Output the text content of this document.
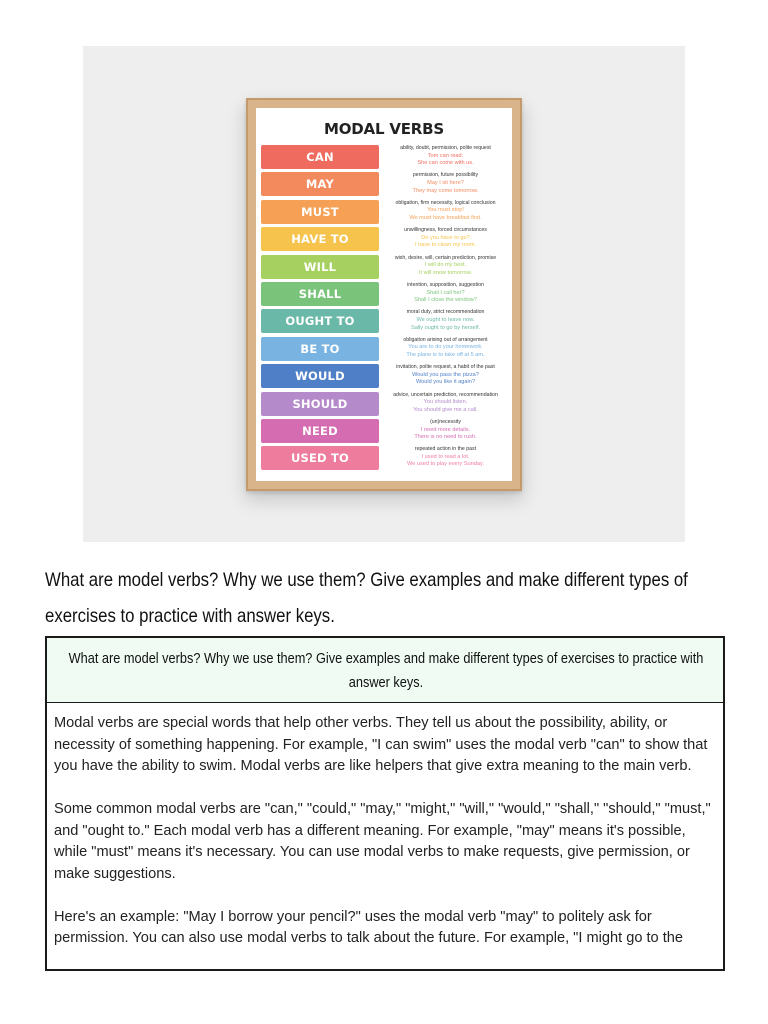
MODAL VERBS
CAN
ability, doubt, permission, polite request
Tom can read.
She can come with us.
MAY
permission, future possibility
May I sit here?
They may come tomorrow.
MUST
obligation, firm necessity, logical conclusion
You must stop!
We must have breakfast first.
HAVE TO
unwillingness, forced circumstances
Do you have to go?
I have to clean my room.
WILL
wish, desire, will, certain prediction, promise
I will do my best.
It will snow tomorrow.
SHALL
intention, supposition, suggestion
Shall I call her?
Shall I close the window?
OUGHT TO
moral duty, strict recommendation
We ought to leave now.
Sally ought to go by herself.
BE TO
obligation arising out of arrangement
You are to do your homework.
The plane is to take off at 5 am.
WOULD
invitation, polite request, a habit of the past
Would you pass the pizza?
Would you like it again?
SHOULD
advice, uncertain prediction, recommendation
You should listen.
You should give me a call.
NEED
(un)necessity
I need more details.
There is no need to rush.
USED TO
repeated action in the past
I used to read a lot.
We used to play every Sunday.
What are model verbs? Why we use them? Give examples and make different types of exercises to practice with answer keys.
What are model verbs? Why we use them? Give examples and make different types of exercises to practice with answer keys.

Modal verbs are special words that help other verbs. They tell us about the possibility, ability, or necessity of something happening. For example, "I can swim" uses the modal verb "can" to show that you have the ability to swim. Modal verbs are like helpers that give extra meaning to the main verb.

Some common modal verbs are "can," "could," "may," "might," "will," "would," "shall," "should," "must," and "ought to." Each modal verb has a different meaning. For example, "may" means it's possible, while "must" means it's necessary. You can use modal verbs to make requests, give permission, or make suggestions.

Here's an example: "May I borrow your pencil?" uses the modal verb "may" to politely ask for permission. You can also use modal verbs to talk about the future. For example, "I might go to the
